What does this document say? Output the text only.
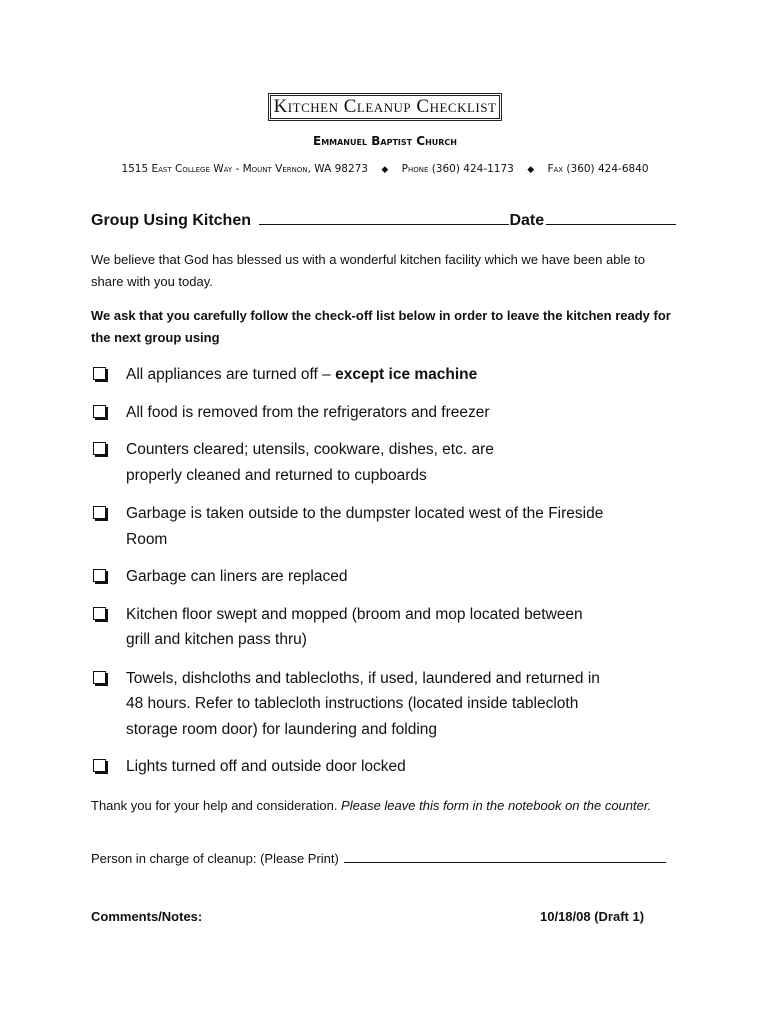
Kitchen Cleanup Checklist
Emmanuel Baptist Church
1515 East College Way - Mount Vernon, WA 98273 ◆ Phone (360) 424-1173 ◆ Fax (360) 424-6840
Group Using Kitchen	Date
We believe that God has blessed us with a wonderful kitchen facility which we have been able to share with you today.
We ask that you carefully follow the check-off list below in order to leave the kitchen ready for the next group using
All appliances are turned off – except ice machine
All food is removed from the refrigerators and freezer
Counters cleared; utensils, cookware, dishes, etc. are properly cleaned and returned to cupboards
Garbage is taken outside to the dumpster located west of the Fireside Room
Garbage can liners are replaced
Kitchen floor swept and mopped (broom and mop located between grill and kitchen pass thru)
Towels, dishcloths and tablecloths, if used, laundered and returned in 48 hours. Refer to tablecloth instructions (located inside tablecloth storage room door) for laundering and folding
Lights turned off and outside door locked
Thank you for your help and consideration. Please leave this form in the notebook on the counter.
Person in charge of cleanup: (Please Print)
Comments/Notes:	10/18/08 (Draft 1)
